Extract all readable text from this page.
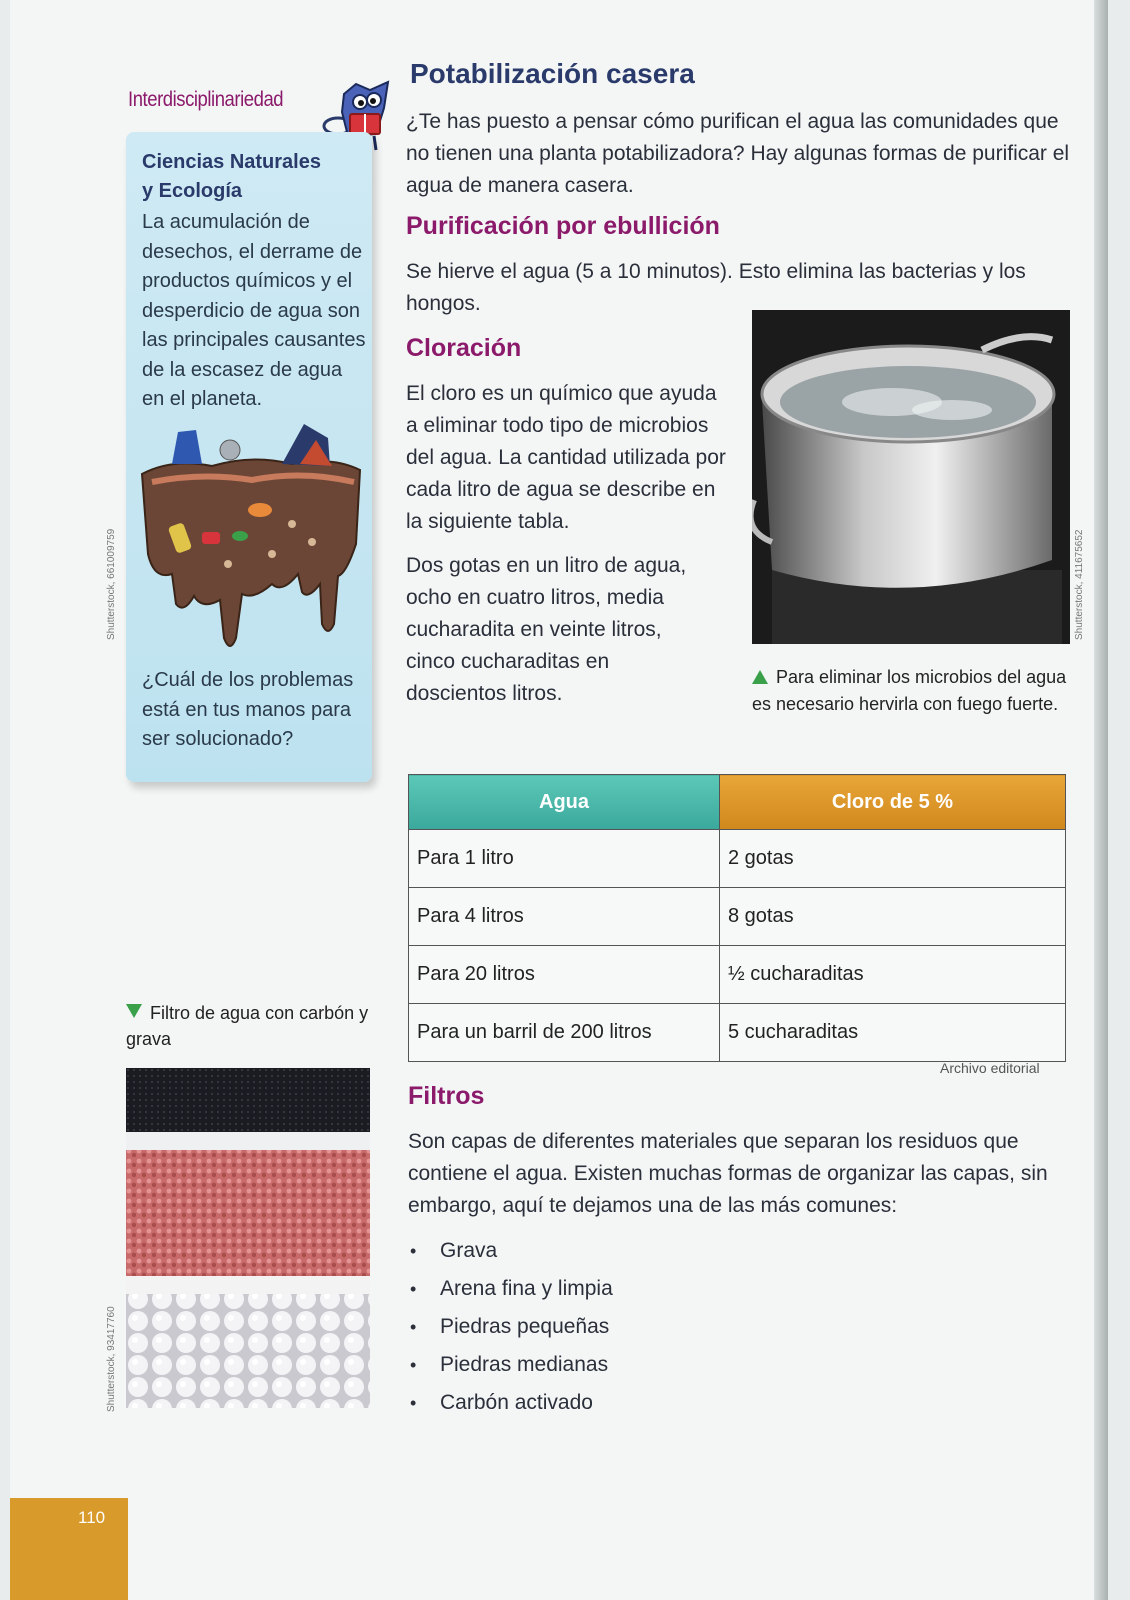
Interdisciplinariedad
Ciencias Naturales
y Ecología
La acumulación de desechos, el derrame de productos químicos y el desperdicio de agua son las principales causantes de la escasez de agua en el planeta.
¿Cuál de los problemas está en tus manos para ser solucionado?
Shutterstock, 661009759
Potabilización casera
¿Te has puesto a pensar cómo purifican el agua las comunidades que no tienen una planta potabilizadora? Hay algunas formas de purificar el agua de manera casera.
Purificación por ebullición
Se hierve el agua (5 a 10 minutos). Esto elimina las bacterias y los hongos.
Cloración
El cloro es un químico que ayuda a eliminar todo tipo de microbios del agua. La cantidad utilizada por cada litro de agua se describe en la siguiente tabla.
Dos gotas en un litro de agua, ocho en cuatro litros, media cucharadita en veinte litros, cinco cucharaditas en doscientos litros.
Shutterstock, 411675652
Para eliminar los microbios del agua es necesario hervirla con fuego fuerte.
Agua	Cloro de 5 %
Para 1 litro	2 gotas
Para 4 litros	8 gotas
Para 20 litros	½ cucharaditas
Para un barril de 200 litros	5 cucharaditas
Archivo editorial
Filtros
Son capas de diferentes materiales que separan los residuos que contiene el agua. Existen muchas formas de organizar las capas, sin embargo, aquí te dejamos una de las más comunes:
• Grava
• Arena fina y limpia
• Piedras pequeñas
• Piedras medianas
• Carbón activado
Filtro de agua con carbón y grava
Shutterstock, 93417760
110
